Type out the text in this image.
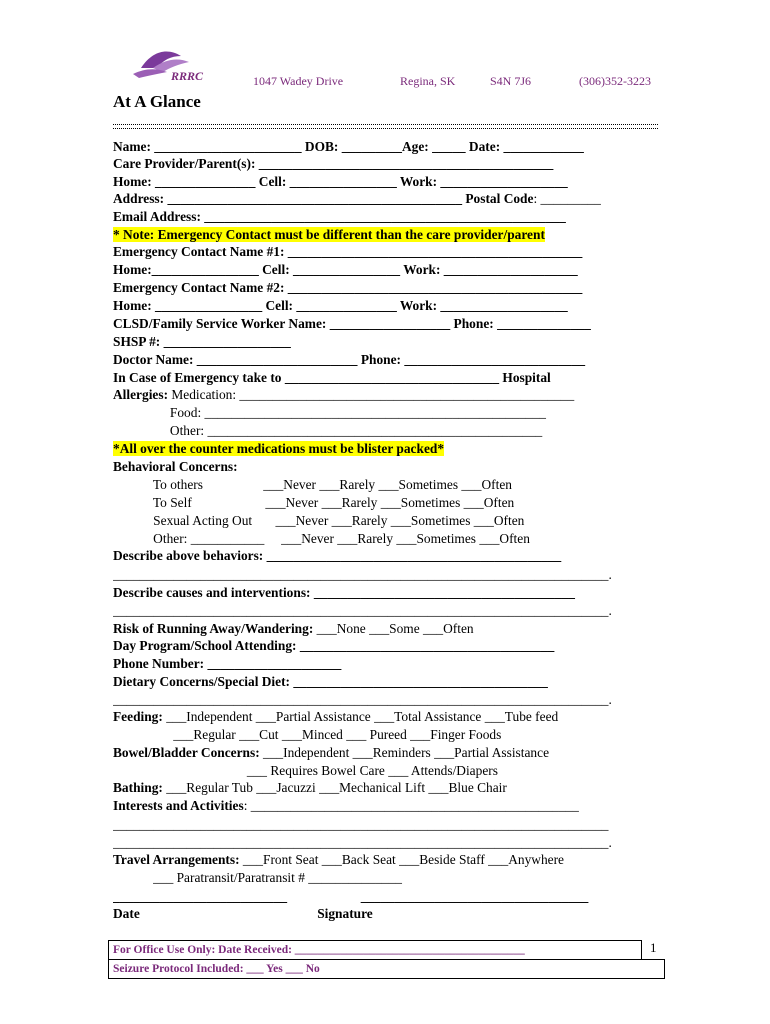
RRRC	1047 Wadey Drive	Regina, SK	S4N 7J6	(306)352-3223
At A Glance
Name: ______________________ DOB: _________Age: _____ Date: ____________
Care Provider/Parent(s): ____________________________________________
Home: _______________ Cell: ________________ Work: ___________________
Address: ____________________________________________ Postal Code: _________
Email Address: ______________________________________________________
* Note: Emergency Contact must be different than the care provider/parent
Emergency Contact Name #1: ____________________________________________
Home:________________ Cell: ________________ Work: ____________________
Emergency Contact Name #2: ____________________________________________
Home: ________________ Cell: _______________ Work: ___________________
CLSD/Family Service Worker Name: __________________ Phone: ______________
SHSP #: ___________________
Doctor Name: ________________________ Phone: ___________________________
In Case of Emergency take to ________________________________ Hospital
Allergies: Medication: __________________________________________________
Food: ___________________________________________________
Other: __________________________________________________
*All over the counter medications must be blister packed*
Behavioral Concerns:
To others                  ___Never ___Rarely ___Sometimes ___Often
To Self                      ___Never ___Rarely ___Sometimes ___Often
Sexual Acting Out       ___Never ___Rarely ___Sometimes ___Often
Other: ___________     ___Never ___Rarely ___Sometimes ___Often
Describe above behaviors: ____________________________________________
__________________________________________________________________________.
Describe causes and interventions: _______________________________________
__________________________________________________________________________.
Risk of Running Away/Wandering: ___None ___Some ___Often
Day Program/School Attending: ______________________________________
Phone Number: ____________________
Dietary Concerns/Special Diet: ______________________________________
__________________________________________________________________________.
Feeding: ___Independent ___Partial Assistance ___Total Assistance ___Tube feed
___Regular ___Cut ___Minced ___ Pureed ___Finger Foods
Bowel/Bladder Concerns: ___Independent ___Reminders ___Partial Assistance
___ Requires Bowel Care ___ Attends/Diapers
Bathing: ___Regular Tub ___Jacuzzi ___Mechanical Lift ___Blue Chair
Interests and Activities: _________________________________________________
__________________________________________________________________________
__________________________________________________________________________.
Travel Arrangements: ___Front Seat ___Back Seat ___Beside Staff ___Anywhere
___ Paratransit/Paratransit # ______________
__________________________                      __________________________________
Date                                                     Signature
For Office Use Only: Date Received: ________________________________________
Seizure Protocol Included: ___ Yes ___ No
1
